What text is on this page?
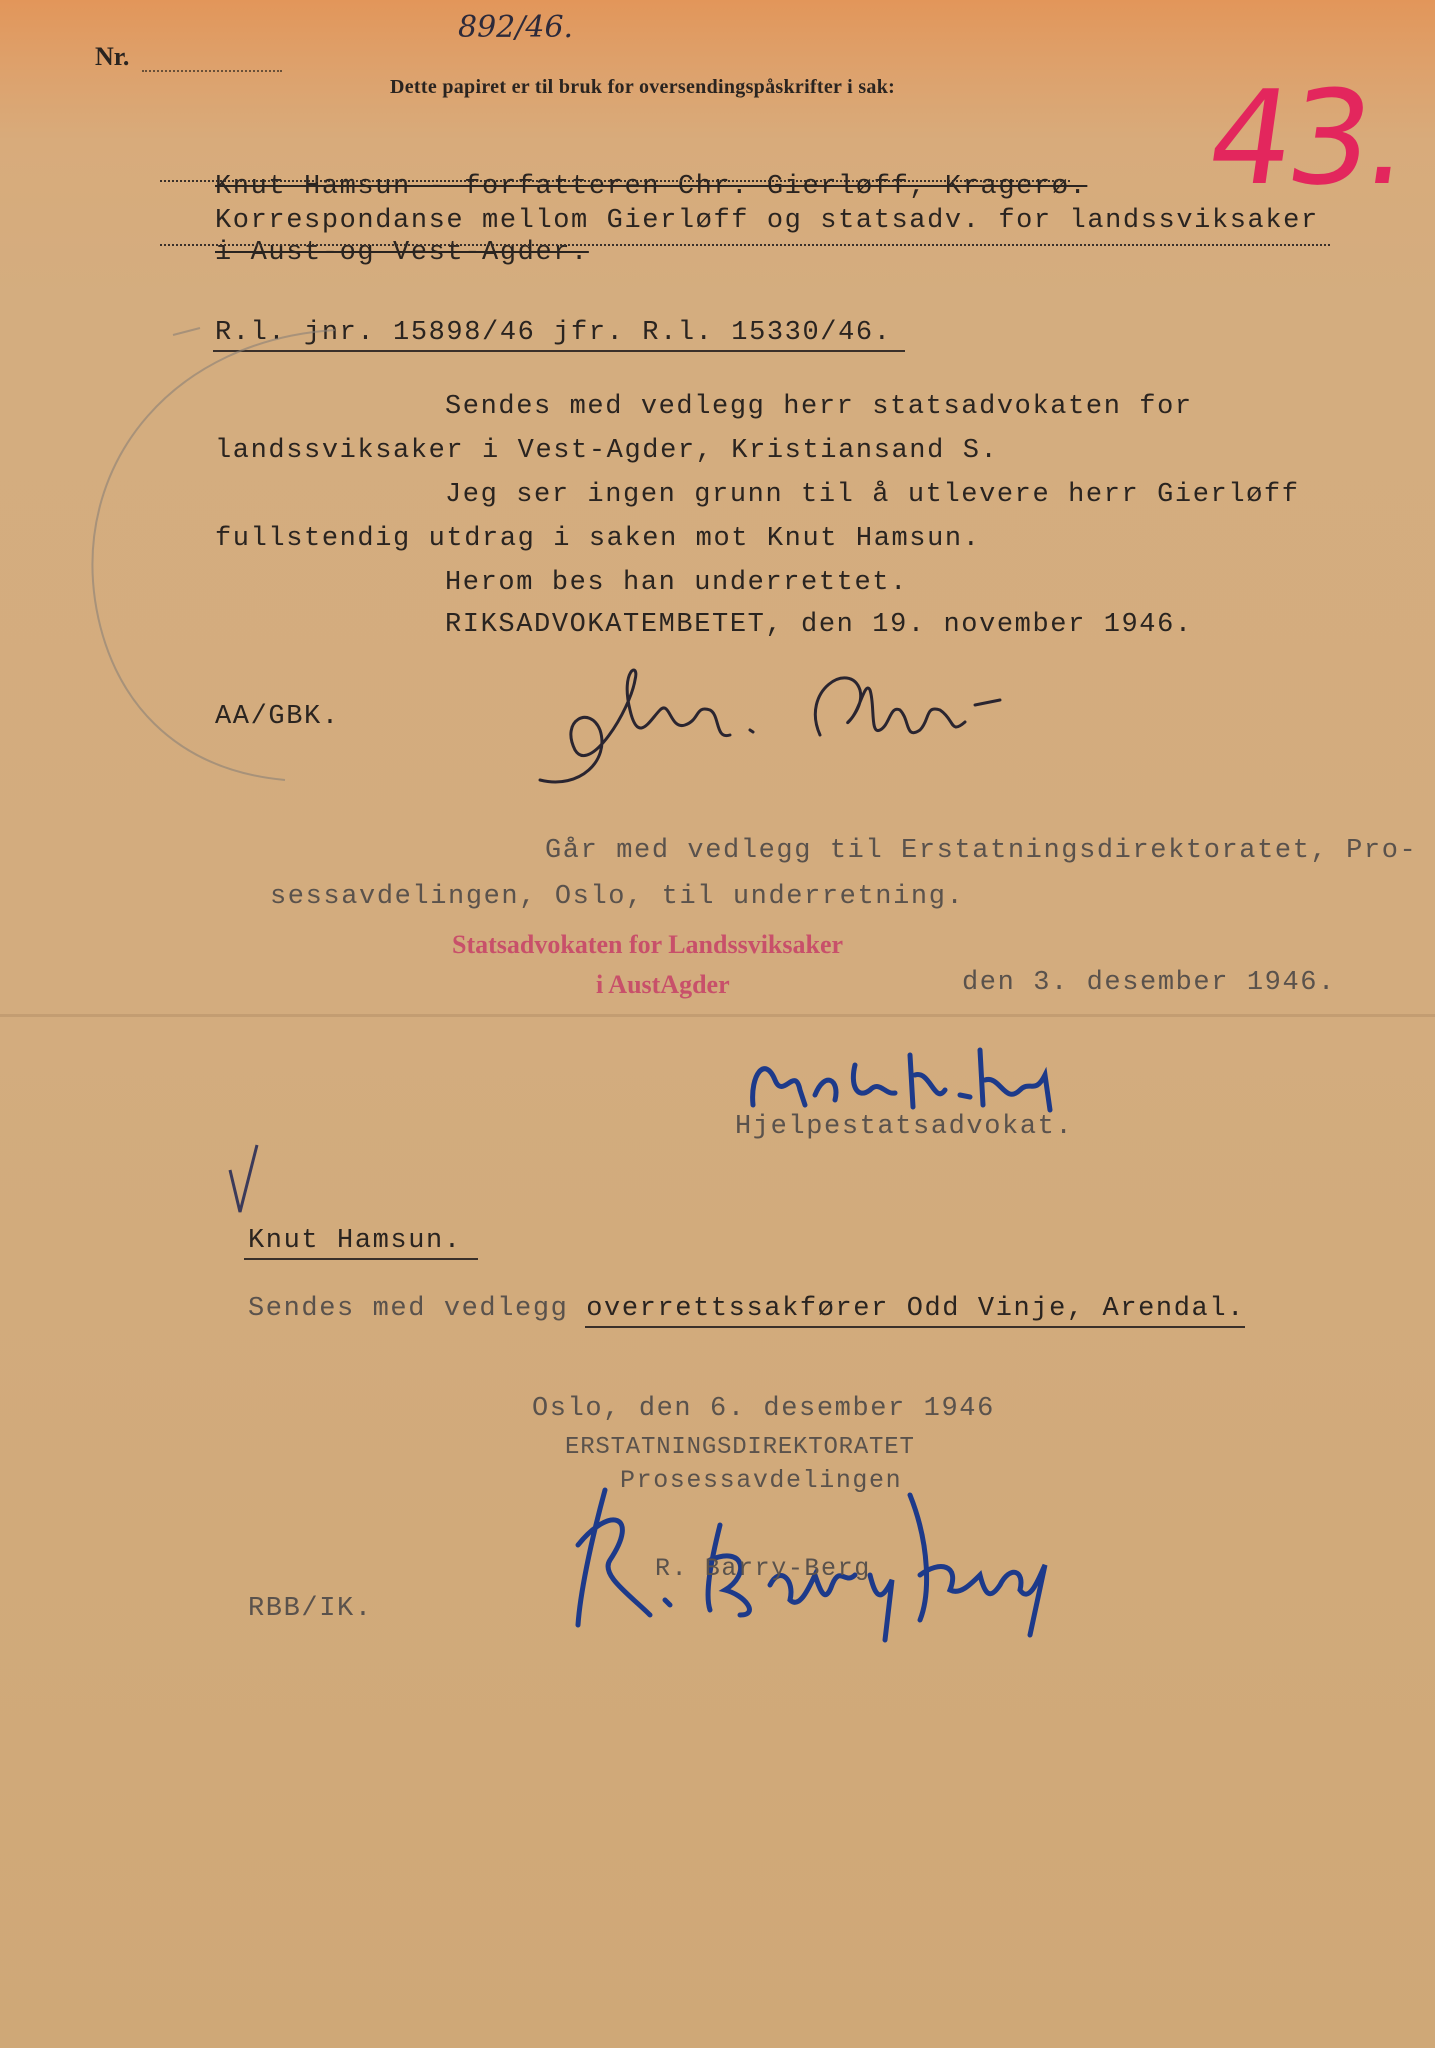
Nr.
892/46.
Dette papiret er til bruk for oversendingspåskrifter i sak: 43.
Knut Hamsun - forfatteren Chr. Gierløff, Kragerø.
Korrespondanse mellom Gierløff og statsadv. for landssviksaker
i Aust-og Vest-Agder.
R.l. jnr. 15898/46 jfr. R.l. 15330/46.
Sendes med vedlegg herr statsadvokaten for
landssviksaker i Vest-Agder, Kristiansand S.
Jeg ser ingen grunn til å utlevere herr Gierløff
fullstendig utdrag i saken mot Knut Hamsun.
Herom bes han underrettet.
RIKSADVOKATEMBETET, den 19. november 1946.
AA/GBK.
Går med vedlegg til Erstatningsdirektoratet, Pro-
sessavdelingen, Oslo, til underretning.
Statsadvokaten for Landssviksaker
i AustAgder	den 3. desember 1946.
Hjelpestatsadvokat.
Knut Hamsun.
Sendes med vedlegg overrettssakfører Odd Vinje, Arendal.
Oslo, den 6. desember 1946
ERSTATNINGSDIREKTORATET
Prosessavdelingen
R. Barry-Berg
RBB/IK.
